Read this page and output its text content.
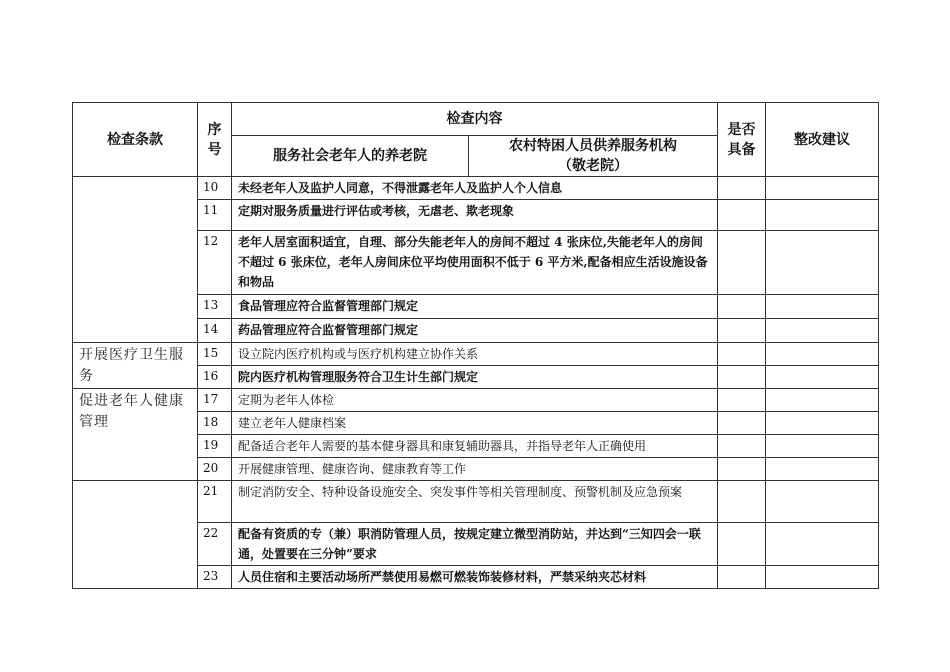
检查条款	序号	检查内容		是否具备	整改建议
		服务社会老年人的养老院	农村特困人员供养服务机构
（敬老院）		

	10	未经老年人及监护人同意，不得泄露老年人及监护人个人信息			
	11	定期对服务质量进行评估或考核，无虐老、欺老现象			
	12	老年人居室面积适宜，自理、部分失能老年人的房间不超过 4 张床位,失能老年人的房间不超过 6 张床位，老年人房间床位平均使用面积不低于 6 平方米,配备相应生活设施设备和物品			
	13	食品管理应符合监督管理部门规定			
	14	药品管理应符合监督管理部门规定			
开展医疗卫生服务	15	设立院内医疗机构或与医疗机构建立协作关系			
	16	院内医疗机构管理服务符合卫生计生部门规定			
促进老年人健康管理	17	定期为老年人体检			
	18	建立老年人健康档案			
	19	配备适合老年人需要的基本健身器具和康复辅助器具，并指导老年人正确使用			
	20	开展健康管理、健康咨询、健康教育等工作			
	21	制定消防安全、特种设备设施安全、突发事件等相关管理制度、预警机制及应急预案			
	22	配备有资质的专（兼）职消防管理人员，按规定建立微型消防站，并达到“三知四会一联通，处置要在三分钟”要求			
	23	人员住宿和主要活动场所严禁使用易燃可燃装饰装修材料，严禁采纳夹芯材料			
